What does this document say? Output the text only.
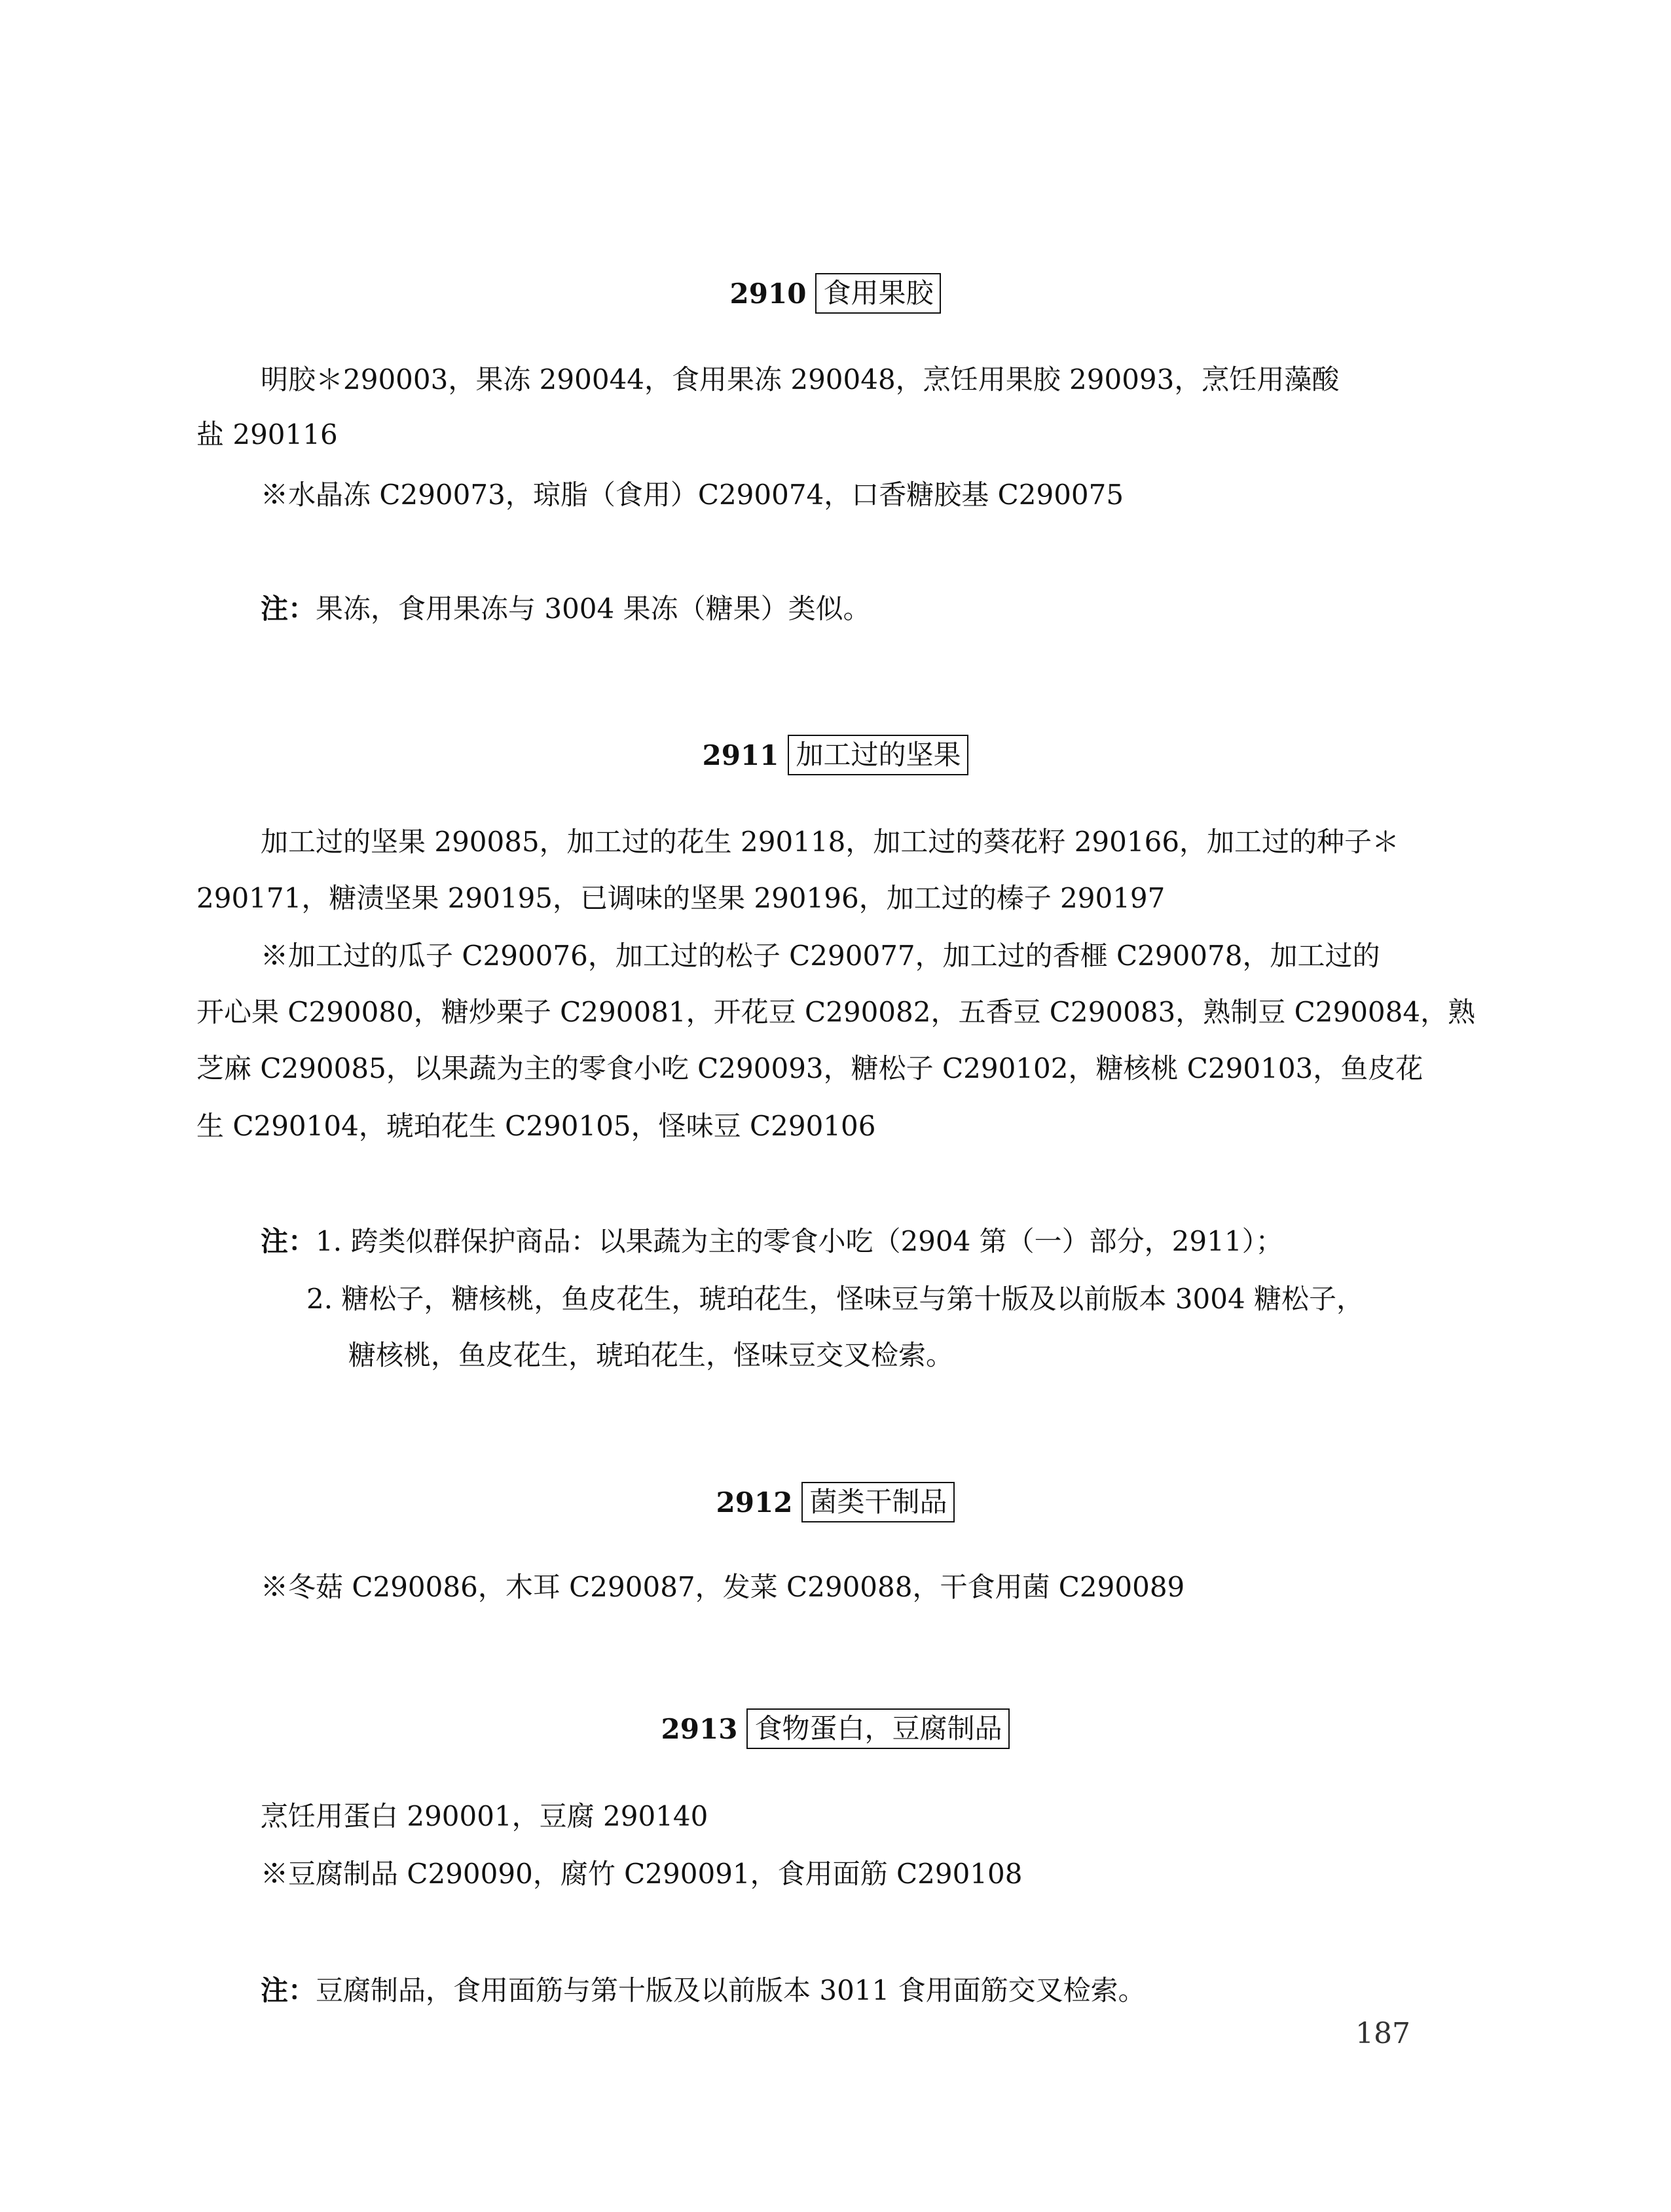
2910 食用果胶
明胶＊290003，果冻 290044，食用果冻 290048，烹饪用果胶 290093，烹饪用藻酸
盐 290116
※水晶冻 C290073，琼脂（食用）C290074，口香糖胶基 C290075
注：果冻，食用果冻与 3004 果冻（糖果）类似。
2911 加工过的坚果
加工过的坚果 290085，加工过的花生 290118，加工过的葵花籽 290166，加工过的种子＊
290171，糖渍坚果 290195，已调味的坚果 290196，加工过的榛子 290197
※加工过的瓜子 C290076，加工过的松子 C290077，加工过的香榧 C290078，加工过的
开心果 C290080，糖炒栗子 C290081，开花豆 C290082，五香豆 C290083，熟制豆 C290084，熟
芝麻 C290085，以果蔬为主的零食小吃 C290093，糖松子 C290102，糖核桃 C290103，鱼皮花
生 C290104，琥珀花生 C290105，怪味豆 C290106
注：1. 跨类似群保护商品：以果蔬为主的零食小吃（2904 第（一）部分，2911）；
2. 糖松子，糖核桃，鱼皮花生，琥珀花生，怪味豆与第十版及以前版本 3004 糖松子，
糖核桃，鱼皮花生，琥珀花生，怪味豆交叉检索。
2912 菌类干制品
※冬菇 C290086，木耳 C290087，发菜 C290088，干食用菌 C290089
2913 食物蛋白，豆腐制品
烹饪用蛋白 290001，豆腐 290140
※豆腐制品 C290090，腐竹 C290091，食用面筋 C290108
注：豆腐制品，食用面筋与第十版及以前版本 3011 食用面筋交叉检索。
187
